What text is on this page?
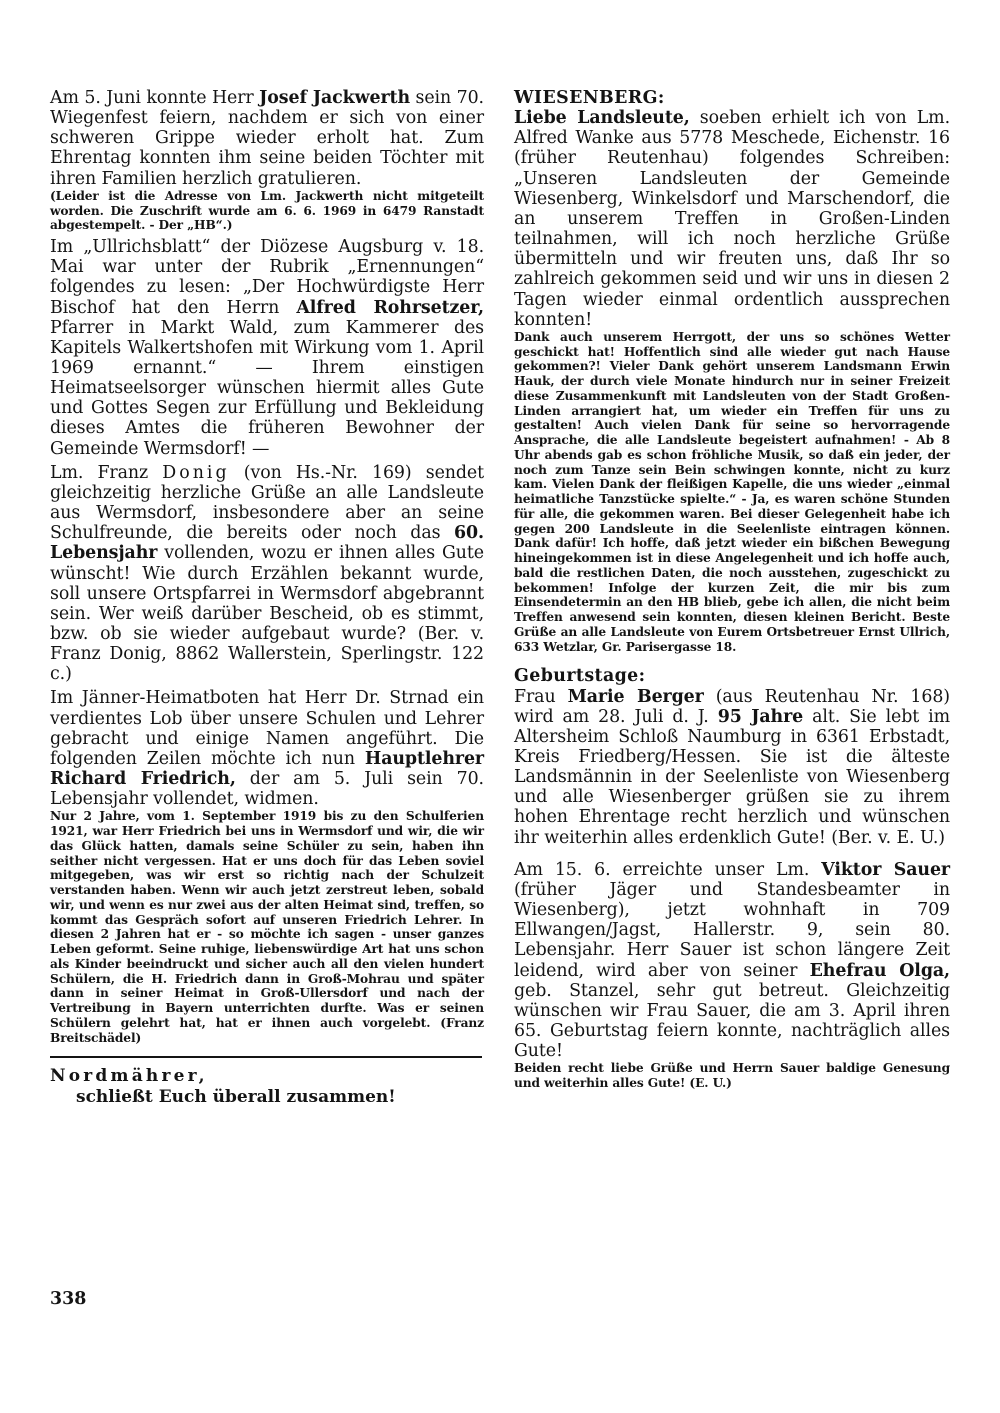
Am 5. Juni konnte Herr Josef Jackwerth sein 70. Wiegenfest feiern, nachdem er sich von einer schweren Grippe wieder erholt hat. Zum Ehrentag konnten ihm seine beiden Töchter mit ihren Familien herzlich gratulieren.

(Leider ist die Adresse von Lm. Jackwerth nicht mitgeteilt worden. Die Zuschrift wurde am 6. 6. 1969 in 6479 Ranstadt abgestempelt. - Der „HB“.)

Im „Ullrichsblatt“ der Diözese Augsburg v. 18. Mai war unter der Rubrik „Ernennungen“ folgendes zu lesen: „Der Hochwürdigste Herr Bischof hat den Herrn Alfred Rohrsetzer, Pfarrer in Markt Wald, zum Kammerer des Kapitels Walkertshofen mit Wirkung vom 1. April 1969 ernannt.“ — Ihrem einstigen Heimatseelsorger wünschen hiermit alles Gute und Gottes Segen zur Erfüllung und Bekleidung dieses Amtes die früheren Bewohner der Gemeinde Wermsdorf! —

Lm. Franz Donig (von Hs.-Nr. 169) sendet gleichzeitig herzliche Grüße an alle Landsleute aus Wermsdorf, insbesondere aber an seine Schulfreunde, die bereits oder noch das 60. Lebensjahr vollenden, wozu er ihnen alles Gute wünscht! Wie durch Erzählen bekannt wurde, soll unsere Ortspfarrei in Wermsdorf abgebrannt sein. Wer weiß darüber Bescheid, ob es stimmt, bzw. ob sie wieder aufgebaut wurde? (Ber. v. Franz Donig, 8862 Wallerstein, Sperlingstr. 122 c.)

Im Jänner-Heimatboten hat Herr Dr. Strnad ein verdientes Lob über unsere Schulen und Lehrer gebracht und einige Namen angeführt. Die folgenden Zeilen möchte ich nun Hauptlehrer Richard Friedrich, der am 5. Juli sein 70. Lebensjahr vollendet, widmen.

Nur 2 Jahre, vom 1. September 1919 bis zu den Schulferien 1921, war Herr Friedrich bei uns in Wermsdorf und wir, die wir das Glück hatten, damals seine Schüler zu sein, haben ihn seither nicht vergessen. Hat er uns doch für das Leben soviel mitgegeben, was wir erst so richtig nach der Schulzeit verstanden haben. Wenn wir auch jetzt zerstreut leben, sobald wir, und wenn es nur zwei aus der alten Heimat sind, treffen, so kommt das Gespräch sofort auf unseren Friedrich Lehrer. In diesen 2 Jahren hat er - so möchte ich sagen - unser ganzes Leben geformt. Seine ruhige, liebenswürdige Art hat uns schon als Kinder beeindruckt und sicher auch all den vielen hundert Schülern, die H. Friedrich dann in Groß-Mohrau und später dann in seiner Heimat in Groß-Ullersdorf und nach der Vertreibung in Bayern unterrichten durfte. Was er seinen Schülern gelehrt hat, hat er ihnen auch vorgelebt. (Franz Breitschädel)

Nordmährer,

schließt Euch überall zusammen!

WIESENBERG:

Liebe Landsleute, soeben erhielt ich von Lm. Alfred Wanke aus 5778 Meschede, Eichenstr. 16 (früher Reutenhau) folgendes Schreiben: „Unseren Landsleuten der Gemeinde Wiesenberg, Winkelsdorf und Marschendorf, die an unserem Treffen in Großen-Linden teilnahmen, will ich noch herzliche Grüße übermitteln und wir freuten uns, daß Ihr so zahlreich gekommen seid und wir uns in diesen 2 Tagen wieder einmal ordentlich aussprechen konnten!

Dank auch unserem Herrgott, der uns so schönes Wetter geschickt hat! Hoffentlich sind alle wieder gut nach Hause gekommen?! Vieler Dank gehört unserem Landsmann Erwin Hauk, der durch viele Monate hindurch nur in seiner Freizeit diese Zusammenkunft mit Landsleuten von der Stadt Großen-Linden arrangiert hat, um wieder ein Treffen für uns zu gestalten! Auch vielen Dank für seine so hervorragende Ansprache, die alle Landsleute begeistert aufnahmen! - Ab 8 Uhr abends gab es schon fröhliche Musik, so daß ein jeder, der noch zum Tanze sein Bein schwingen konnte, nicht zu kurz kam. Vielen Dank der fleißigen Kapelle, die uns wieder „einmal heimatliche Tanzstücke spielte.“ - Ja, es waren schöne Stunden für alle, die gekommen waren. Bei dieser Gelegenheit habe ich gegen 200 Landsleute in die Seelenliste eintragen können. Dank dafür! Ich hoffe, daß jetzt wieder ein bißchen Bewegung hineingekommen ist in diese Angelegenheit und ich hoffe auch, bald die restlichen Daten, die noch ausstehen, zugeschickt zu bekommen! Infolge der kurzen Zeit, die mir bis zum Einsendetermin an den HB blieb, gebe ich allen, die nicht beim Treffen anwesend sein konnten, diesen kleinen Bericht. Beste Grüße an alle Landsleute von Eurem Ortsbetreuer Ernst Ullrich, 633 Wetzlar, Gr. Parisergasse 18.

Geburtstage:

Frau Marie Berger (aus Reutenhau Nr. 168) wird am 28. Juli d. J. 95 Jahre alt. Sie lebt im Altersheim Schloß Naumburg in 6361 Erbstadt, Kreis Friedberg/Hessen. Sie ist die älteste Landsmännin in der Seelenliste von Wiesenberg und alle Wiesenberger grüßen sie zu ihrem hohen Ehrentage recht herzlich und wünschen ihr weiterhin alles erdenklich Gute! (Ber. v. E. U.)

Am 15. 6. erreichte unser Lm. Viktor Sauer (früher Jäger und Standesbeamter in Wiesenberg), jetzt wohnhaft in 709 Ellwangen/Jagst, Hallerstr. 9, sein 80. Lebensjahr. Herr Sauer ist schon längere Zeit leidend, wird aber von seiner Ehefrau Olga, geb. Stanzel, sehr gut betreut. Gleichzeitig wünschen wir Frau Sauer, die am 3. April ihren 65. Geburtstag feiern konnte, nachträglich alles Gute!

Beiden recht liebe Grüße und Herrn Sauer baldige Genesung und weiterhin alles Gute! (E. U.)

338
